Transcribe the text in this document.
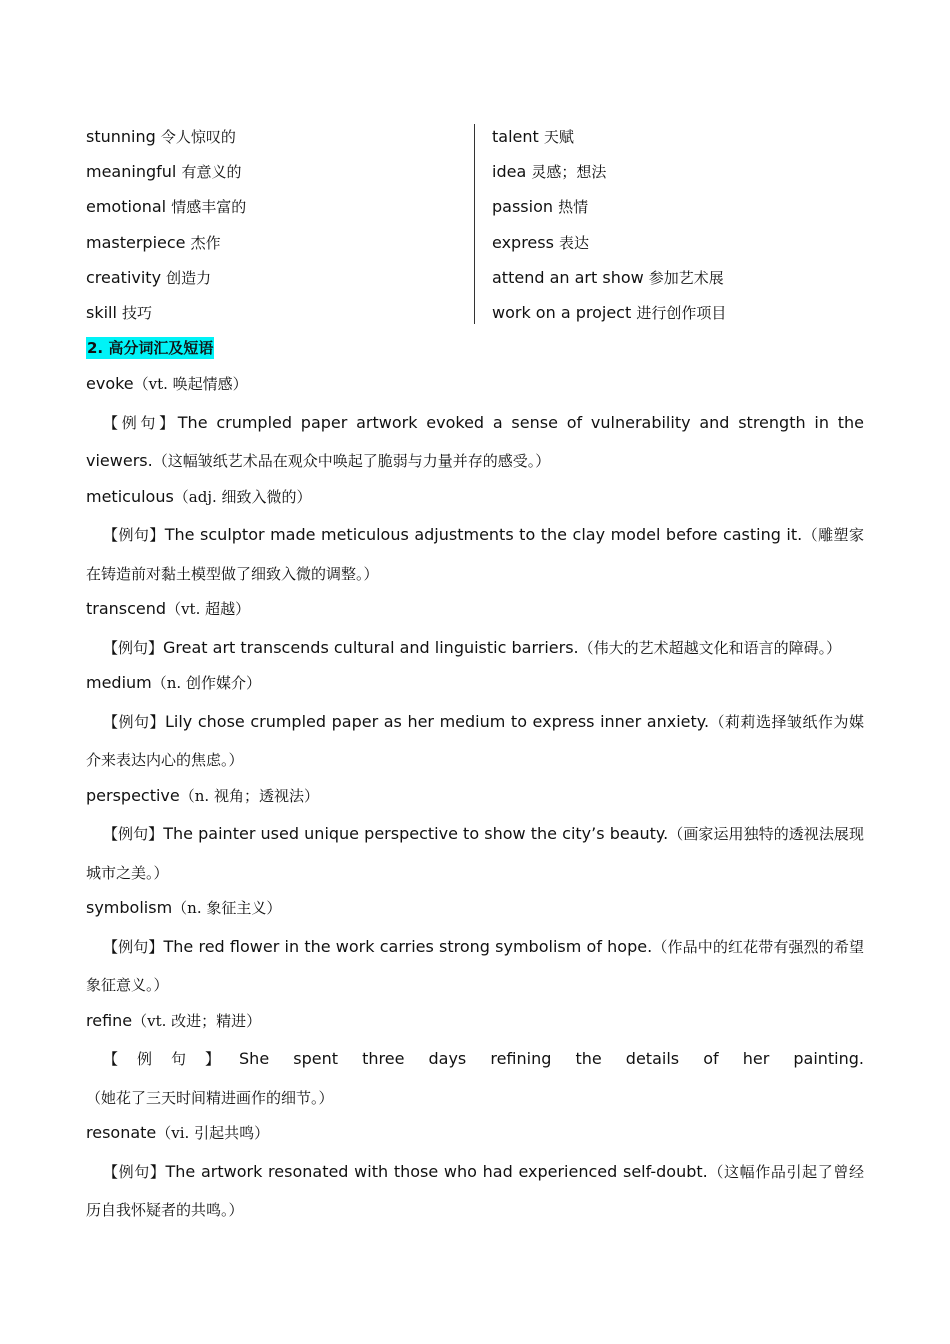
stunning 令人惊叹的
meaningful 有意义的
emotional 情感丰富的
masterpiece 杰作
creativity 创造力
skill 技巧
talent 天赋
idea 灵感；想法
passion 热情
express 表达
attend an art show 参加艺术展
work on a project 进行创作项目
2. 高分词汇及短语
evoke（vt. 唤起情感）
【例句】The crumpled paper artwork evoked a sense of vulnerability and strength in the viewers.（这幅皱纸艺术品在观众中唤起了脆弱与力量并存的感受。）
meticulous（adj. 细致入微的）
【例句】The sculptor made meticulous adjustments to the clay model before casting it.（雕塑家在铸造前对黏土模型做了细致入微的调整。）
transcend（vt. 超越）
【例句】Great art transcends cultural and linguistic barriers.（伟大的艺术超越文化和语言的障碍。）
medium（n. 创作媒介）
【例句】Lily chose crumpled paper as her medium to express inner anxiety.（莉莉选择皱纸作为媒介来表达内心的焦虑。）
perspective（n. 视角；透视法）
【例句】The painter used unique perspective to show the city’s beauty.（画家运用独特的透视法展现城市之美。）
symbolism（n. 象征主义）
【例句】The red flower in the work carries strong symbolism of hope.（作品中的红花带有强烈的希望象征意义。）
refine（vt. 改进；精进）
【例句】She spent three days refining the details of her painting.（她花了三天时间精进画作的细节。）
resonate（vi. 引起共鸣）
【例句】The artwork resonated with those who had experienced self-doubt.（这幅作品引起了曾经历自我怀疑者的共鸣。）
